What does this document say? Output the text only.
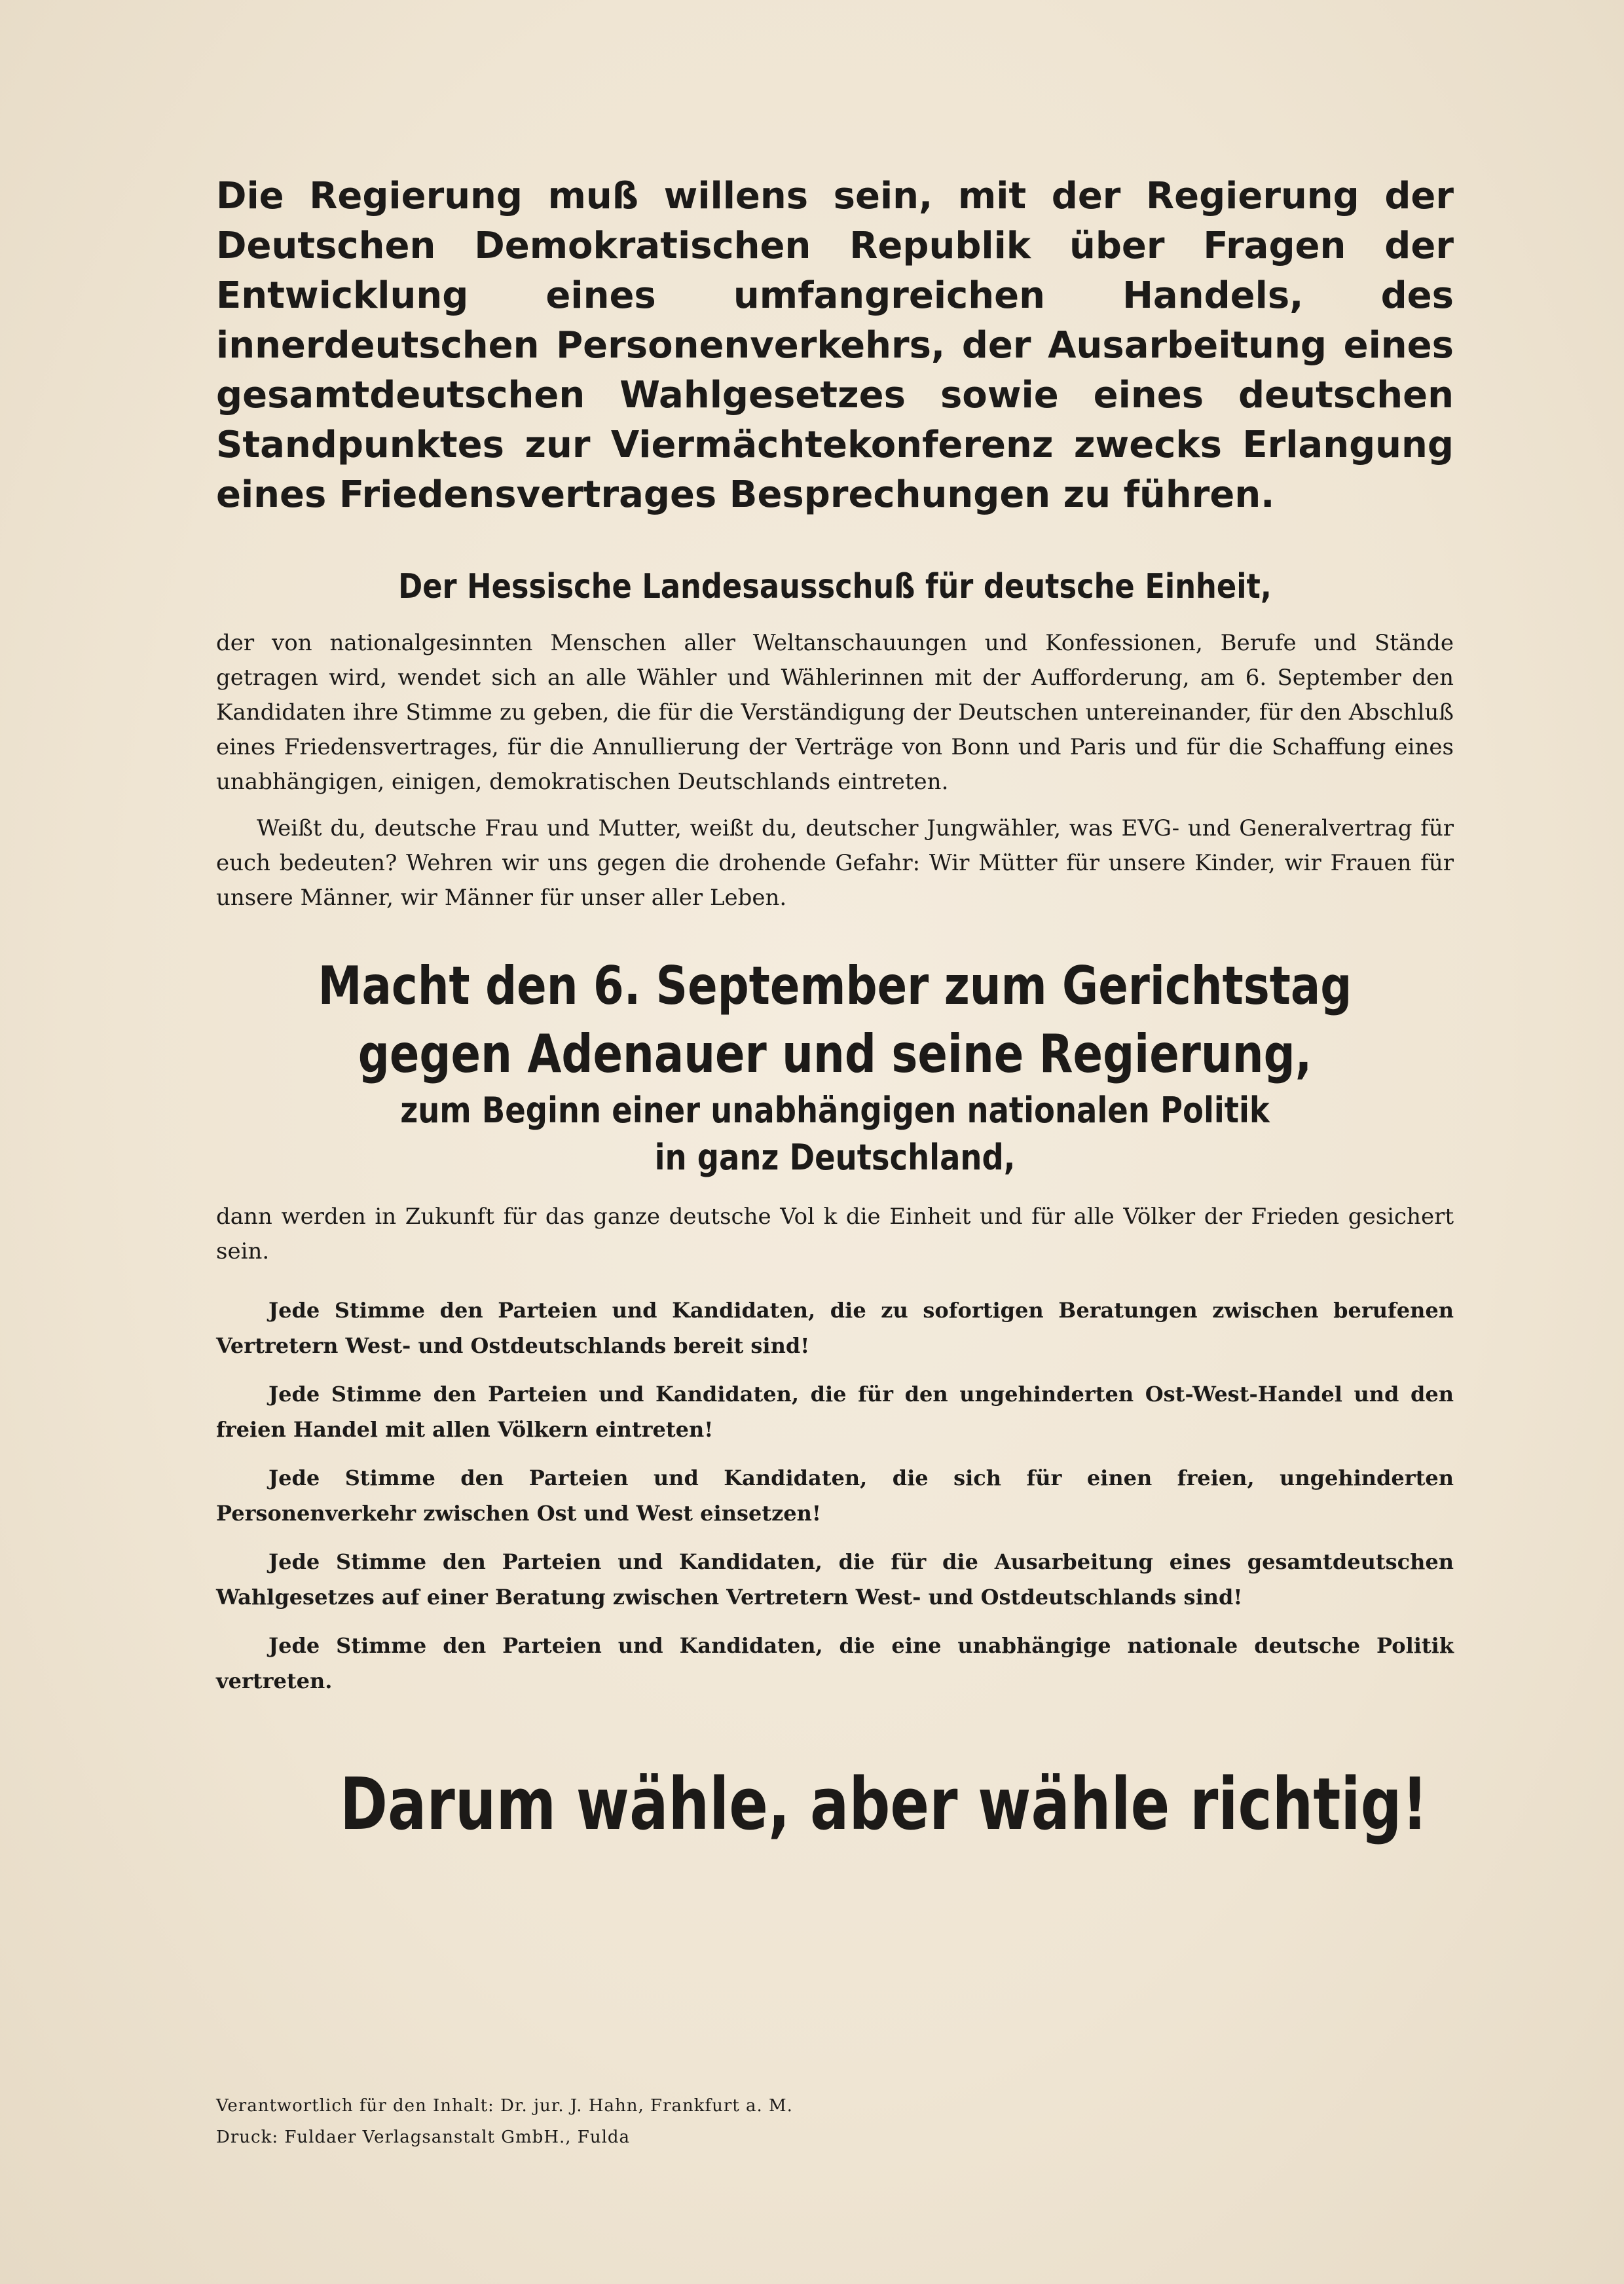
Die Regierung muß willens sein, mit der Regierung der Deutschen Demokratischen Republik über Fragen der Entwicklung eines umfangreichen Handels, des innerdeutschen Personenverkehrs, der Ausarbeitung eines gesamtdeutschen Wahlgesetzes sowie eines deutschen Standpunktes zur Viermächtekonferenz zwecks Erlangung eines Friedensvertrages Besprechungen zu führen.

Der Hessische Landesausschuß für deutsche Einheit,

der von nationalgesinnten Menschen aller Weltanschauungen und Konfessionen, Berufe und Stände getragen wird, wendet sich an alle Wähler und Wählerinnen mit der Aufforderung, am 6. September den Kandidaten ihre Stimme zu geben, die für die Verständigung der Deutschen untereinander, für den Abschluß eines Friedensvertrages, für die Annullierung der Verträge von Bonn und Paris und für die Schaffung eines unabhängigen, einigen, demokratischen Deutschlands eintreten.

Weißt du, deutsche Frau und Mutter, weißt du, deutscher Jungwähler, was EVG- und Generalvertrag für euch bedeuten? Wehren wir uns gegen die drohende Gefahr: Wir Mütter für unsere Kinder, wir Frauen für unsere Männer, wir Männer für unser aller Leben.

Macht den 6. September zum Gerichtstag
gegen Adenauer und seine Regierung,
zum Beginn einer unabhängigen nationalen Politik
in ganz Deutschland,

dann werden in Zukunft für das ganze deutsche Vol k die Einheit und für alle Völker der Frieden gesichert sein.

Jede Stimme den Parteien und Kandidaten, die zu sofortigen Beratungen zwischen berufenen Vertretern West- und Ostdeutschlands bereit sind!

Jede Stimme den Parteien und Kandidaten, die für den ungehinderten Ost-West-Handel und den freien Handel mit allen Völkern eintreten!

Jede Stimme den Parteien und Kandidaten, die sich für einen freien, ungehinderten Personenverkehr zwischen Ost und West einsetzen!

Jede Stimme den Parteien und Kandidaten, die für die Ausarbeitung eines gesamtdeutschen Wahlgesetzes auf einer Beratung zwischen Vertretern West- und Ostdeutschlands sind!

Jede Stimme den Parteien und Kandidaten, die eine unabhängige nationale deutsche Politik vertreten.

Darum wähle, aber wähle richtig!

Verantwortlich für den Inhalt: Dr. jur. J. Hahn, Frankfurt a. M.

Druck: Fuldaer Verlagsanstalt GmbH., Fulda
